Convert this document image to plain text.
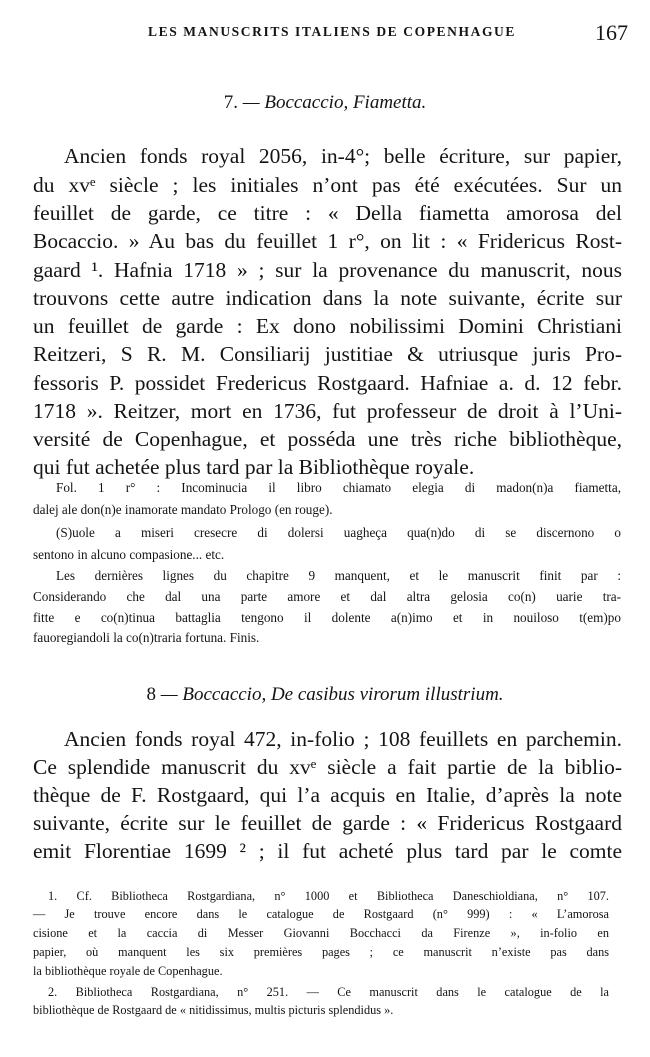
LES MANUSCRITS ITALIENS DE COPENHAGUE	167
7. — Boccaccio, Fiametta.
Ancien fonds royal 2056, in-4°; belle écriture, sur papier,
du xvᵉ siècle ; les initiales n’ont pas été exécutées. Sur un
feuillet de garde, ce titre : « Della fiametta amorosa del
Bocaccio. » Au bas du feuillet 1 r°, on lit : « Fridericus Rost-
gaard ¹. Hafnia 1718 » ; sur la provenance du manuscrit, nous
trouvons cette autre indication dans la note suivante, écrite sur
un feuillet de garde : Ex dono nobilissimi Domini Christiani
Reitzeri, S R. M. Consiliarij justitiae & utriusque juris Pro-
fessoris P. possidet Fredericus Rostgaard. Hafniae a. d. 12 febr.
1718 ». Reitzer, mort en 1736, fut professeur de droit à l’Uni-
versité de Copenhague, et posséda une très riche bibliothèque,
qui fut achetée plus tard par la Bibliothèque royale.
Fol. 1 r° : Incominucia il libro chiamato elegia di madon(n)a fiametta,
dalej ale don(n)e inamorate mandato Prologo (en rouge).
(S)uole a miseri cresecre di dolersi uagheça qua(n)do di se discernono o
sentono in alcuno compasione... etc.
Les dernières lignes du chapitre 9 manquent, et le manuscrit finit par :
Considerando che dal una parte amore et dal altra gelosia co(n) uarie tra-
fitte e co(n)tinua battaglia tengono il dolente a(n)imo et in nouiloso t(em)po
fauoregiandoli la co(n)traria fortuna. Finis.
8 — Boccaccio, De casibus virorum illustrium.
Ancien fonds royal 472, in-folio ; 108 feuillets en parchemin.
Ce splendide manuscrit du xvᵉ siècle a fait partie de la biblio-
thèque de F. Rostgaard, qui l’a acquis en Italie, d’après la note
suivante, écrite sur le feuillet de garde : « Fridericus Rostgaard
emit Florentiae 1699 ² ; il fut acheté plus tard par le comte
1. Cf. Bibliotheca Rostgardiana, n° 1000 et Bibliotheca Daneschioldiana, n° 107.
— Je trouve encore dans le catalogue de Rostgaard (n° 999) : « L’amorosa
cisione et la caccia di Messer Giovanni Bocchacci da Firenze », in-folio en
papier, où manquent les six premières pages ; ce manuscrit n’existe pas dans
la bibliothèque royale de Copenhague.
2. Bibliotheca Rostgardiana, n° 251. — Ce manuscrit dans le catalogue de la
bibliothèque de Rostgaard de « nitidissimus, multis picturis splendidus ».
